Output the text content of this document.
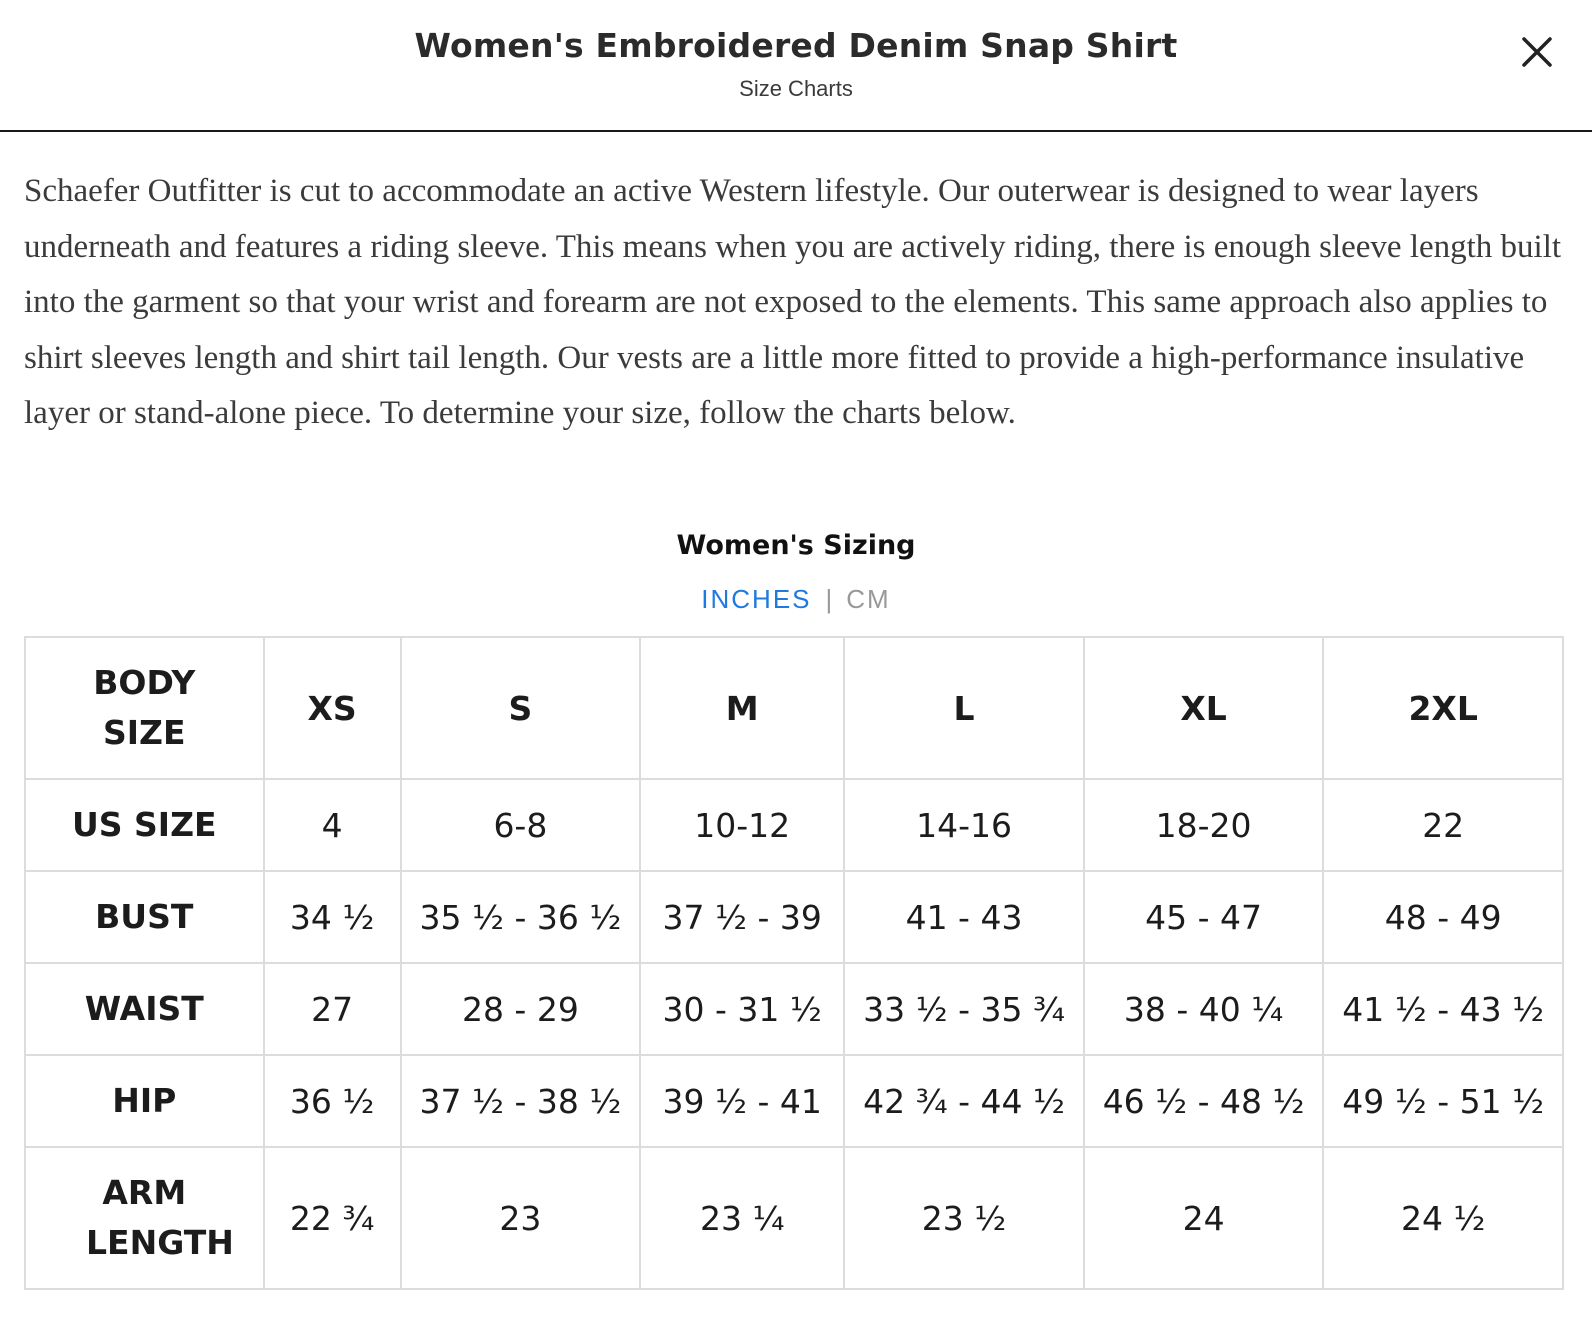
Women's Embroidered Denim Snap Shirt
Size Charts

Schaefer Outfitter is cut to accommodate an active Western lifestyle. Our outerwear is designed to wear layers underneath and features a riding sleeve. This means when you are actively riding, there is enough sleeve length built into the garment so that your wrist and forearm are not exposed to the elements. This same approach also applies to shirt sleeves length and shirt tail length. Our vests are a little more fitted to provide a high-performance insulative layer or stand-alone piece. To determine your size, follow the charts below.

Women's Sizing
INCHES | CM
BODY SIZE	XS	S	M	L	XL	2XL
US SIZE	4	6-8	10-12	14-16	18-20	22
BUST	34 ½	35 ½ - 36 ½	37 ½ - 39	41 - 43	45 - 47	48 - 49
WAIST	27	28 - 29	30 - 31 ½	33 ½ - 35 ¾	38 - 40 ¼	41 ½ - 43 ½
HIP	36 ½	37 ½ - 38 ½	39 ½ - 41	42 ¾ - 44 ½	46 ½ - 48 ½	49 ½ - 51 ½
ARM LENGTH	22 ¾	23	23 ¼	23 ½	24	24 ½
